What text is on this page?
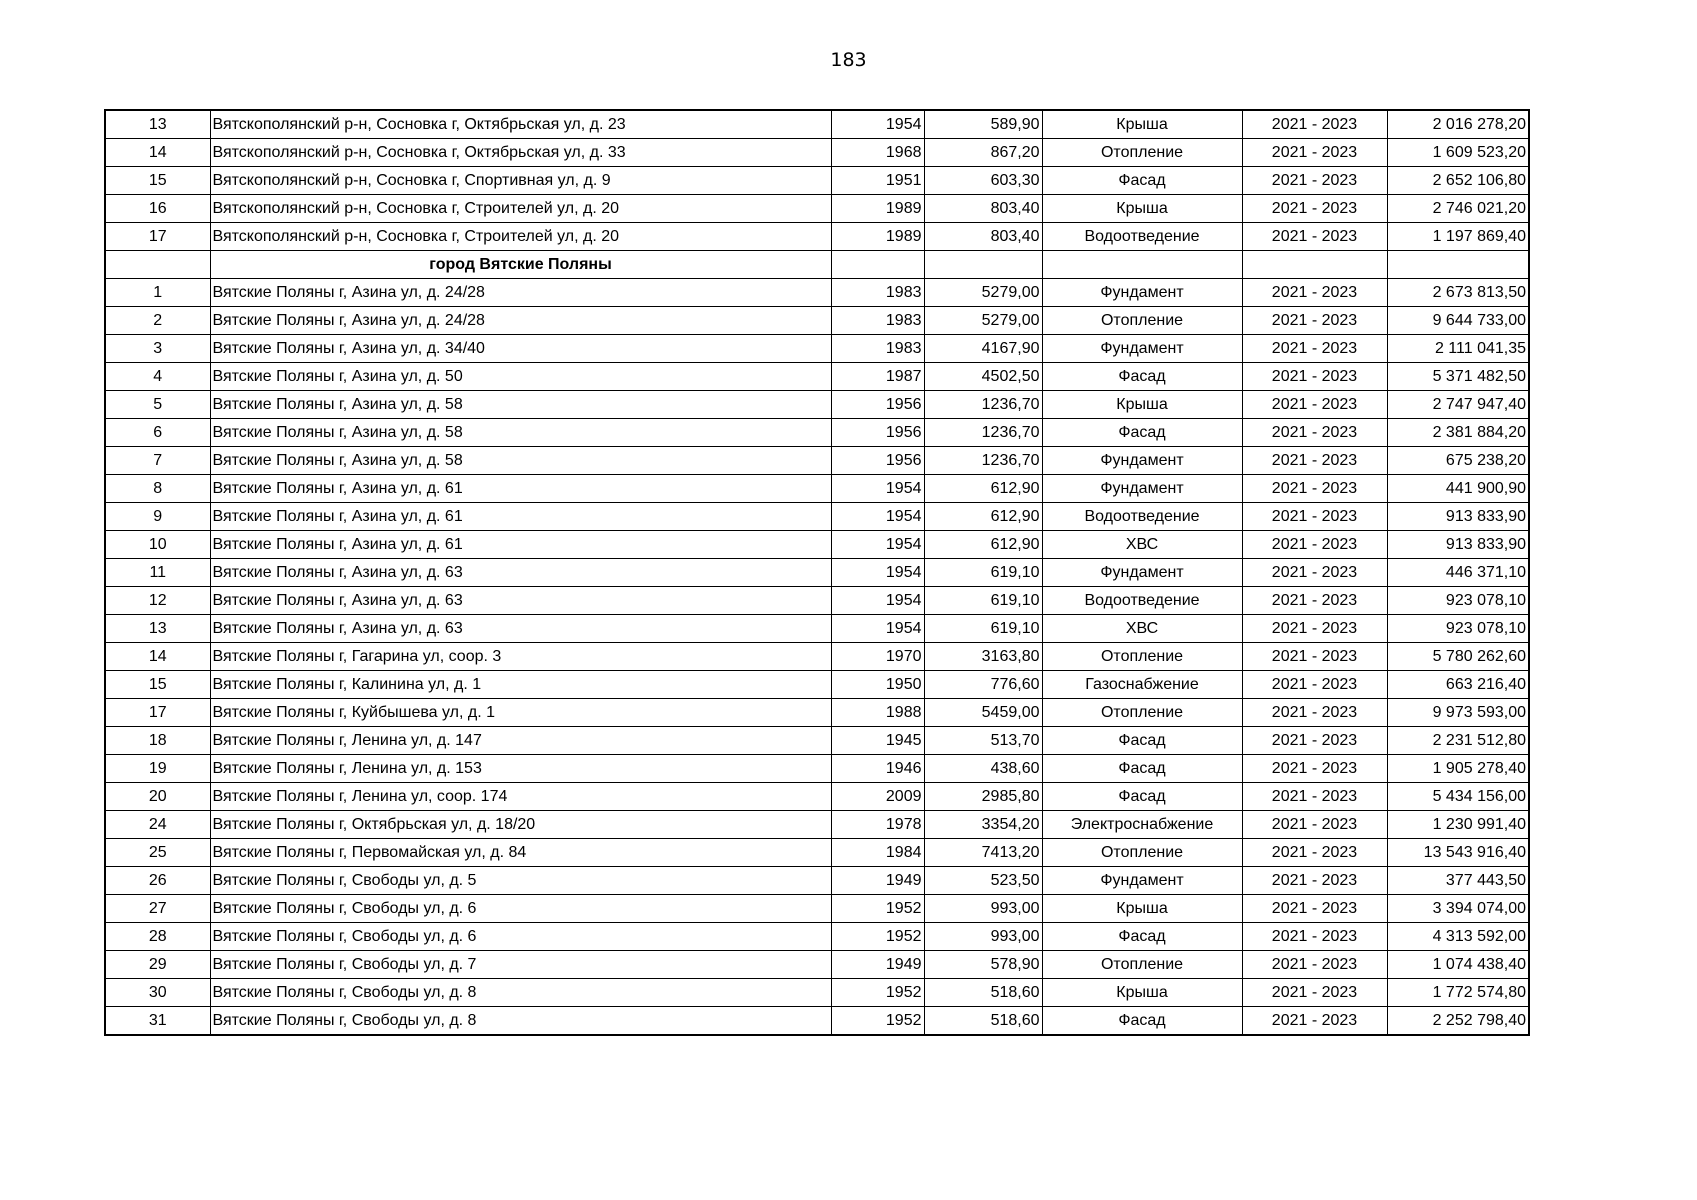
183
13	Вятскополянский р-н, Сосновка г, Октябрьская ул, д. 23	1954	589,90	Крыша	2021 - 2023	2 016 278,20
14	Вятскополянский р-н, Сосновка г, Октябрьская ул, д. 33	1968	867,20	Отопление	2021 - 2023	1 609 523,20
15	Вятскополянский р-н, Сосновка г, Спортивная ул, д. 9	1951	603,30	Фасад	2021 - 2023	2 652 106,80
16	Вятскополянский р-н, Сосновка г, Строителей ул, д. 20	1989	803,40	Крыша	2021 - 2023	2 746 021,20
17	Вятскополянский р-н, Сосновка г, Строителей ул, д. 20	1989	803,40	Водоотведение	2021 - 2023	1 197 869,40
	город Вятские Поляны					
1	Вятские Поляны г, Азина ул, д. 24/28	1983	5279,00	Фундамент	2021 - 2023	2 673 813,50
2	Вятские Поляны г, Азина ул, д. 24/28	1983	5279,00	Отопление	2021 - 2023	9 644 733,00
3	Вятские Поляны г, Азина ул, д. 34/40	1983	4167,90	Фундамент	2021 - 2023	2 111 041,35
4	Вятские Поляны г, Азина ул, д. 50	1987	4502,50	Фасад	2021 - 2023	5 371 482,50
5	Вятские Поляны г, Азина ул, д. 58	1956	1236,70	Крыша	2021 - 2023	2 747 947,40
6	Вятские Поляны г, Азина ул, д. 58	1956	1236,70	Фасад	2021 - 2023	2 381 884,20
7	Вятские Поляны г, Азина ул, д. 58	1956	1236,70	Фундамент	2021 - 2023	675 238,20
8	Вятские Поляны г, Азина ул, д. 61	1954	612,90	Фундамент	2021 - 2023	441 900,90
9	Вятские Поляны г, Азина ул, д. 61	1954	612,90	Водоотведение	2021 - 2023	913 833,90
10	Вятские Поляны г, Азина ул, д. 61	1954	612,90	ХВС	2021 - 2023	913 833,90
11	Вятские Поляны г, Азина ул, д. 63	1954	619,10	Фундамент	2021 - 2023	446 371,10
12	Вятские Поляны г, Азина ул, д. 63	1954	619,10	Водоотведение	2021 - 2023	923 078,10
13	Вятские Поляны г, Азина ул, д. 63	1954	619,10	ХВС	2021 - 2023	923 078,10
14	Вятские Поляны г, Гагарина ул, соор. 3	1970	3163,80	Отопление	2021 - 2023	5 780 262,60
15	Вятские Поляны г, Калинина ул, д. 1	1950	776,60	Газоснабжение	2021 - 2023	663 216,40
17	Вятские Поляны г, Куйбышева ул, д. 1	1988	5459,00	Отопление	2021 - 2023	9 973 593,00
18	Вятские Поляны г, Ленина ул, д. 147	1945	513,70	Фасад	2021 - 2023	2 231 512,80
19	Вятские Поляны г, Ленина ул, д. 153	1946	438,60	Фасад	2021 - 2023	1 905 278,40
20	Вятские Поляны г, Ленина ул, соор. 174	2009	2985,80	Фасад	2021 - 2023	5 434 156,00
24	Вятские Поляны г, Октябрьская ул, д. 18/20	1978	3354,20	Электроснабжение	2021 - 2023	1 230 991,40
25	Вятские Поляны г, Первомайская ул, д. 84	1984	7413,20	Отопление	2021 - 2023	13 543 916,40
26	Вятские Поляны г, Свободы ул, д. 5	1949	523,50	Фундамент	2021 - 2023	377 443,50
27	Вятские Поляны г, Свободы ул, д. 6	1952	993,00	Крыша	2021 - 2023	3 394 074,00
28	Вятские Поляны г, Свободы ул, д. 6	1952	993,00	Фасад	2021 - 2023	4 313 592,00
29	Вятские Поляны г, Свободы ул, д. 7	1949	578,90	Отопление	2021 - 2023	1 074 438,40
30	Вятские Поляны г, Свободы ул, д. 8	1952	518,60	Крыша	2021 - 2023	1 772 574,80
31	Вятские Поляны г, Свободы ул, д. 8	1952	518,60	Фасад	2021 - 2023	2 252 798,40
